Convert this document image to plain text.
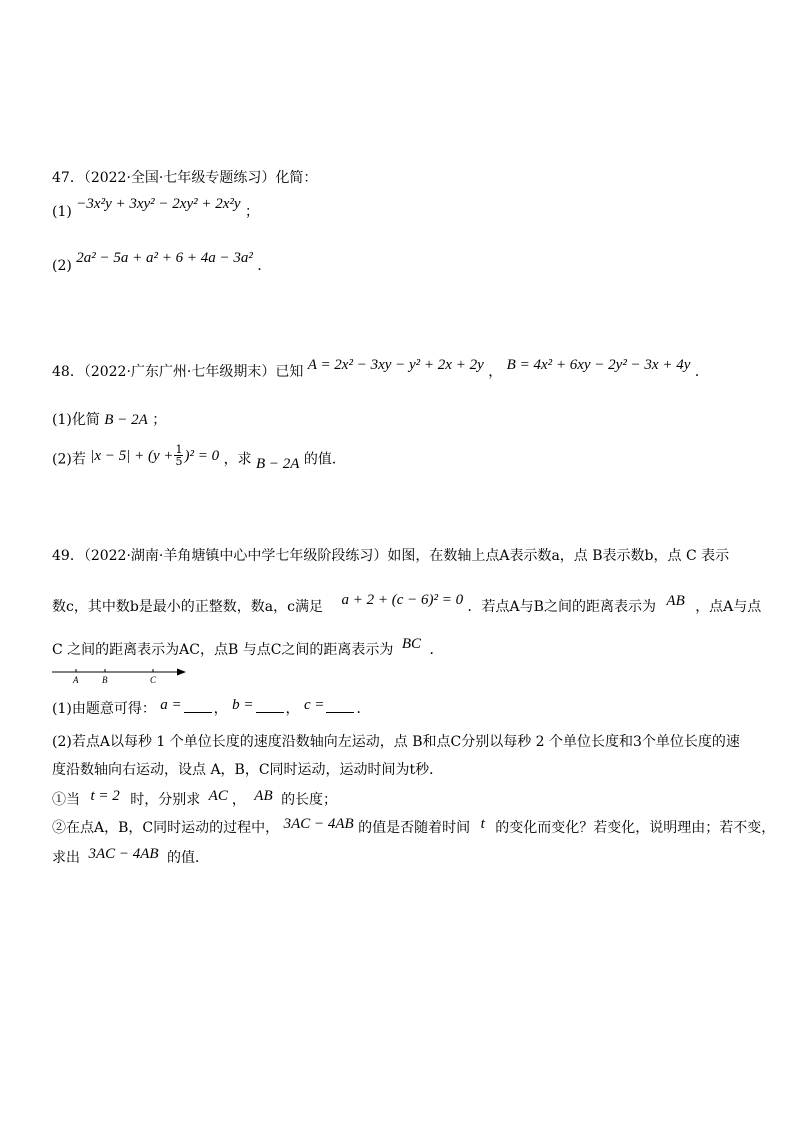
47．（2022·全国·七年级专题练习）化简：
(1) −3x²y + 3xy² − 2xy² + 2x²y ；
(2) 2a² − 5a + a² + 6 + 4a − 3a² ．
48．（2022·广东广州·七年级期末）已知 A = 2x² − 3xy − y² + 2x + 2y ， B = 4x² + 6xy − 2y² − 3x + 4y ．
(1)化简 B − 2A ；
(2)若 $|x - 5| + (y + \frac{1}{5} )^2 = 0$ ，求 B − 2A 的值．
49．（2022·湖南·羊角塘镇中心中学七年级阶段练习）如图，在数轴上点A表示数a，点 B表示数b，点 C 表示
数c，其中数b是最小的正整数，数a，c满足 a + 2 + (c − 6)² = 0 ．若点A与B之间的距离表示为 AB ，点A与点
C 之间的距离表示为AC，点B 与点C之间的距离表示为 BC ．
A	B	C
(1)由题意可得： a = ， b = ， c = ．
(2)若点A以每秒 1 个单位长度的速度沿数轴向左运动，点 B和点C分别以每秒 2 个单位长度和3个单位长度的速
度沿数轴向右运动，设点 A，B，C同时运动，运动时间为t秒．
①当 t = 2 时，分别求 AC ， AB 的长度；
②在点A，B，C同时运动的过程中， 3AC − 4AB 的值是否随着时间 t 的变化而变化？若变化，说明理由；若不变，
求出 3AC − 4AB 的值．
